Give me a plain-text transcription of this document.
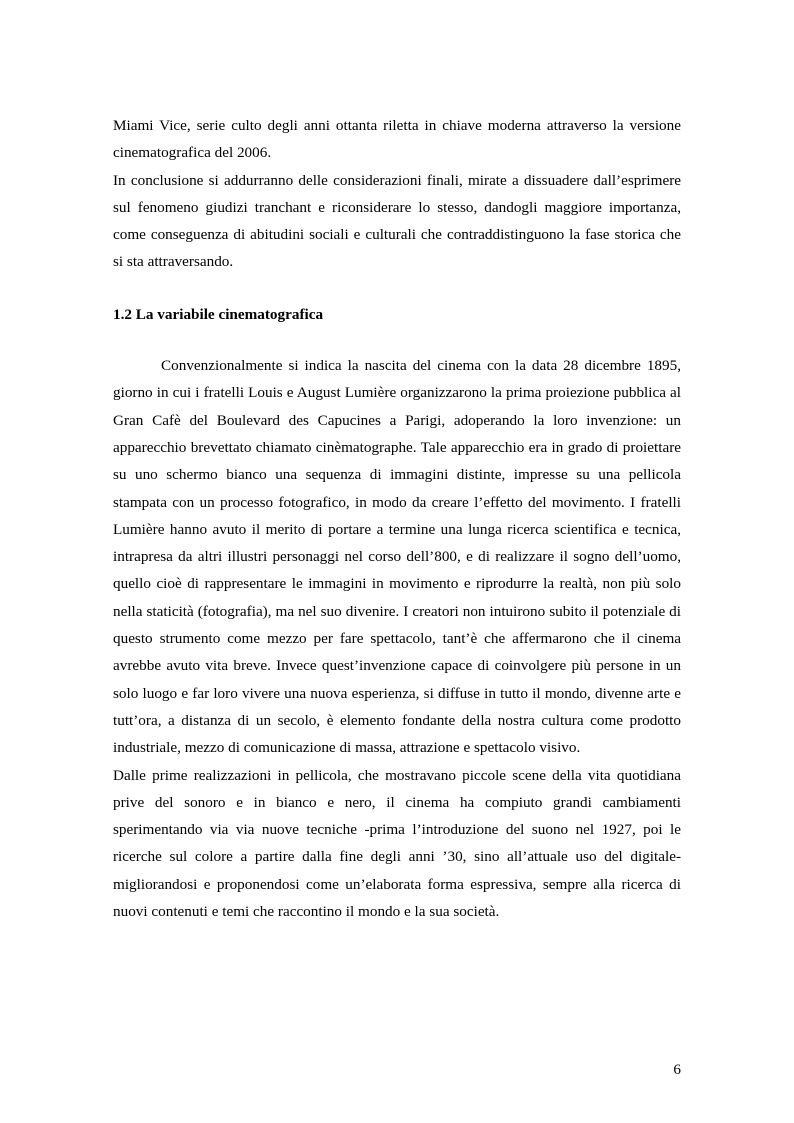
Miami Vice, serie culto degli anni ottanta riletta in chiave moderna attraverso la versione cinematografica del 2006.

In conclusione si addurranno delle considerazioni finali, mirate a dissuadere dall’esprimere sul fenomeno giudizi tranchant e riconsiderare lo stesso, dandogli maggiore importanza, come conseguenza di abitudini sociali e culturali che contraddistinguono la fase storica che si sta attraversando.

1.2 La variabile cinematografica

Convenzionalmente si indica la nascita del cinema con la data 28 dicembre 1895, giorno in cui i fratelli Louis e August Lumière organizzarono la prima proiezione pubblica al Gran Cafè del Boulevard des Capucines a Parigi, adoperando la loro invenzione: un apparecchio brevettato chiamato cinèmatographe. Tale apparecchio era in grado di proiettare su uno schermo bianco una sequenza di immagini distinte, impresse su una pellicola stampata con un processo fotografico, in modo da creare l’effetto del movimento. I fratelli Lumière hanno avuto il merito di portare a termine una lunga ricerca scientifica e tecnica, intrapresa da altri illustri personaggi nel corso dell’800, e di realizzare il sogno dell’uomo, quello cioè di rappresentare le immagini in movimento e riprodurre la realtà, non più solo nella staticità (fotografia), ma nel suo divenire. I creatori non intuirono subito il potenziale di questo strumento come mezzo per fare spettacolo, tant’è che affermarono che il cinema avrebbe avuto vita breve. Invece quest’invenzione capace di coinvolgere più persone in un solo luogo e far loro vivere una nuova esperienza, si diffuse in tutto il mondo, divenne arte e tutt’ora, a distanza di un secolo, è elemento fondante della nostra cultura come prodotto industriale, mezzo di comunicazione di massa, attrazione e spettacolo visivo.

Dalle prime realizzazioni in pellicola, che mostravano piccole scene della vita quotidiana prive del sonoro e in bianco e nero, il cinema ha compiuto grandi cambiamenti sperimentando via via nuove tecniche -prima l’introduzione del suono nel 1927, poi le ricerche sul colore a partire dalla fine degli anni ’30, sino all’attuale uso del digitale- migliorandosi e proponendosi come un’elaborata forma espressiva, sempre alla ricerca di nuovi contenuti e temi che raccontino il mondo e la sua società.

6
